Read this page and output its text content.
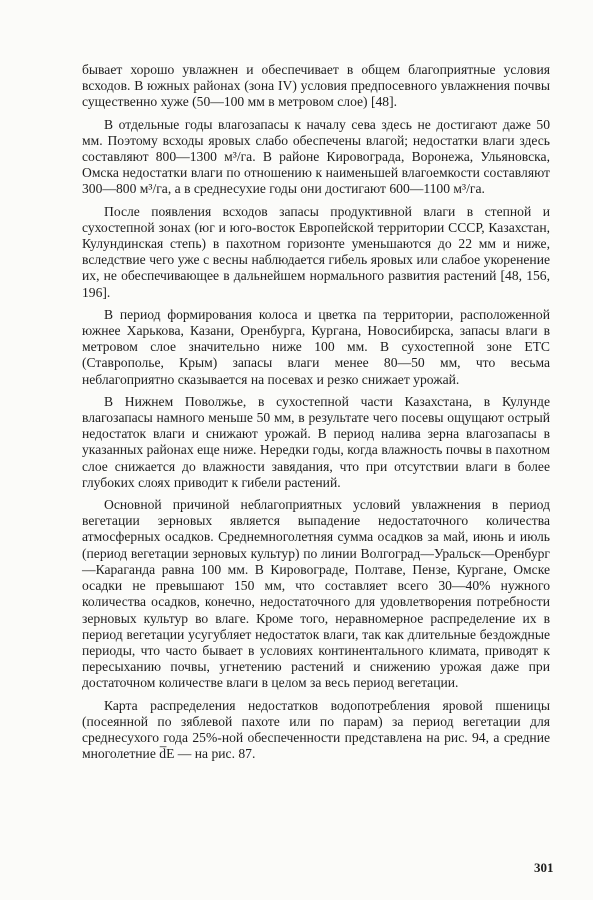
бывает хорошо увлажнен и обеспечивает в общем благоприятные условия всходов. В южных районах (зона IV) условия предпосевного увлажнения почвы существенно хуже (50—100 мм в метровом слое) [48].

В отдельные годы влагозапасы к началу сева здесь не достигают даже 50 мм. Поэтому всходы яровых слабо обеспечены влагой; недостатки влаги здесь составляют 800—1300 м³/га. В районе Кировограда, Воронежа, Ульяновска, Омска недостатки влаги по отношению к наименьшей влагоемкости составляют 300—800 м³/га, а в среднесухие годы они достигают 600—1100 м³/га.

После появления всходов запасы продуктивной влаги в степной и сухостепной зонах (юг и юго-восток Европейской территории СССР, Казахстан, Кулундинская степь) в пахотном горизонте уменьшаются до 22 мм и ниже, вследствие чего уже с весны наблюдается гибель яровых или слабое укоренение их, не обеспечивающее в дальнейшем нормального развития растений [48, 156, 196].

В период формирования колоса и цветка па территории, расположенной южнее Харькова, Казани, Оренбурга, Кургана, Новосибирска, запасы влаги в метровом слое значительно ниже 100 мм. В сухостепной зоне ЕТС (Ставрополье, Крым) запасы влаги менее 80—50 мм, что весьма неблагоприятно сказывается на посевах и резко снижает урожай.

В Нижнем Поволжье, в сухостепной части Казахстана, в Кулунде влагозапасы намного меньше 50 мм, в результате чего посевы ощущают острый недостаток влаги и снижают урожай. В период налива зерна влагозапасы в указанных районах еще ниже. Нередки годы, когда влажность почвы в пахотном слое снижается до влажности завядания, что при отсутствии влаги в более глубоких слоях приводит к гибели растений.

Основной причиной неблагоприятных условий увлажнения в период вегетации зерновых является выпадение недостаточного количества атмосферных осадков. Среднемноголетняя сумма осадков за май, июнь и июль (период вегетации зерновых культур) по линии Волгоград—Уральск—Оренбург—Караганда равна 100 мм. В Кировограде, Полтаве, Пензе, Кургане, Омске осадки не превышают 150 мм, что составляет всего 30—40% нужного количества осадков, конечно, недостаточного для удовлетворения потребности зерновых культур во влаге. Кроме того, неравномерное распределение их в период вегетации усугубляет недостаток влаги, так как длительные бездождные периоды, что часто бывает в условиях континентального климата, приводят к пересыханию почвы, угнетению растений и снижению урожая даже при достаточном количестве влаги в целом за весь период вегетации.

Карта распределения недостатков водопотребления яровой пшеницы (посеянной по зяблевой пахоте или по парам) за период вегетации для среднесухого года 25%-ной обеспеченности представлена на рис. 94, а средние многолетние d̅E — на рис. 87.

301
